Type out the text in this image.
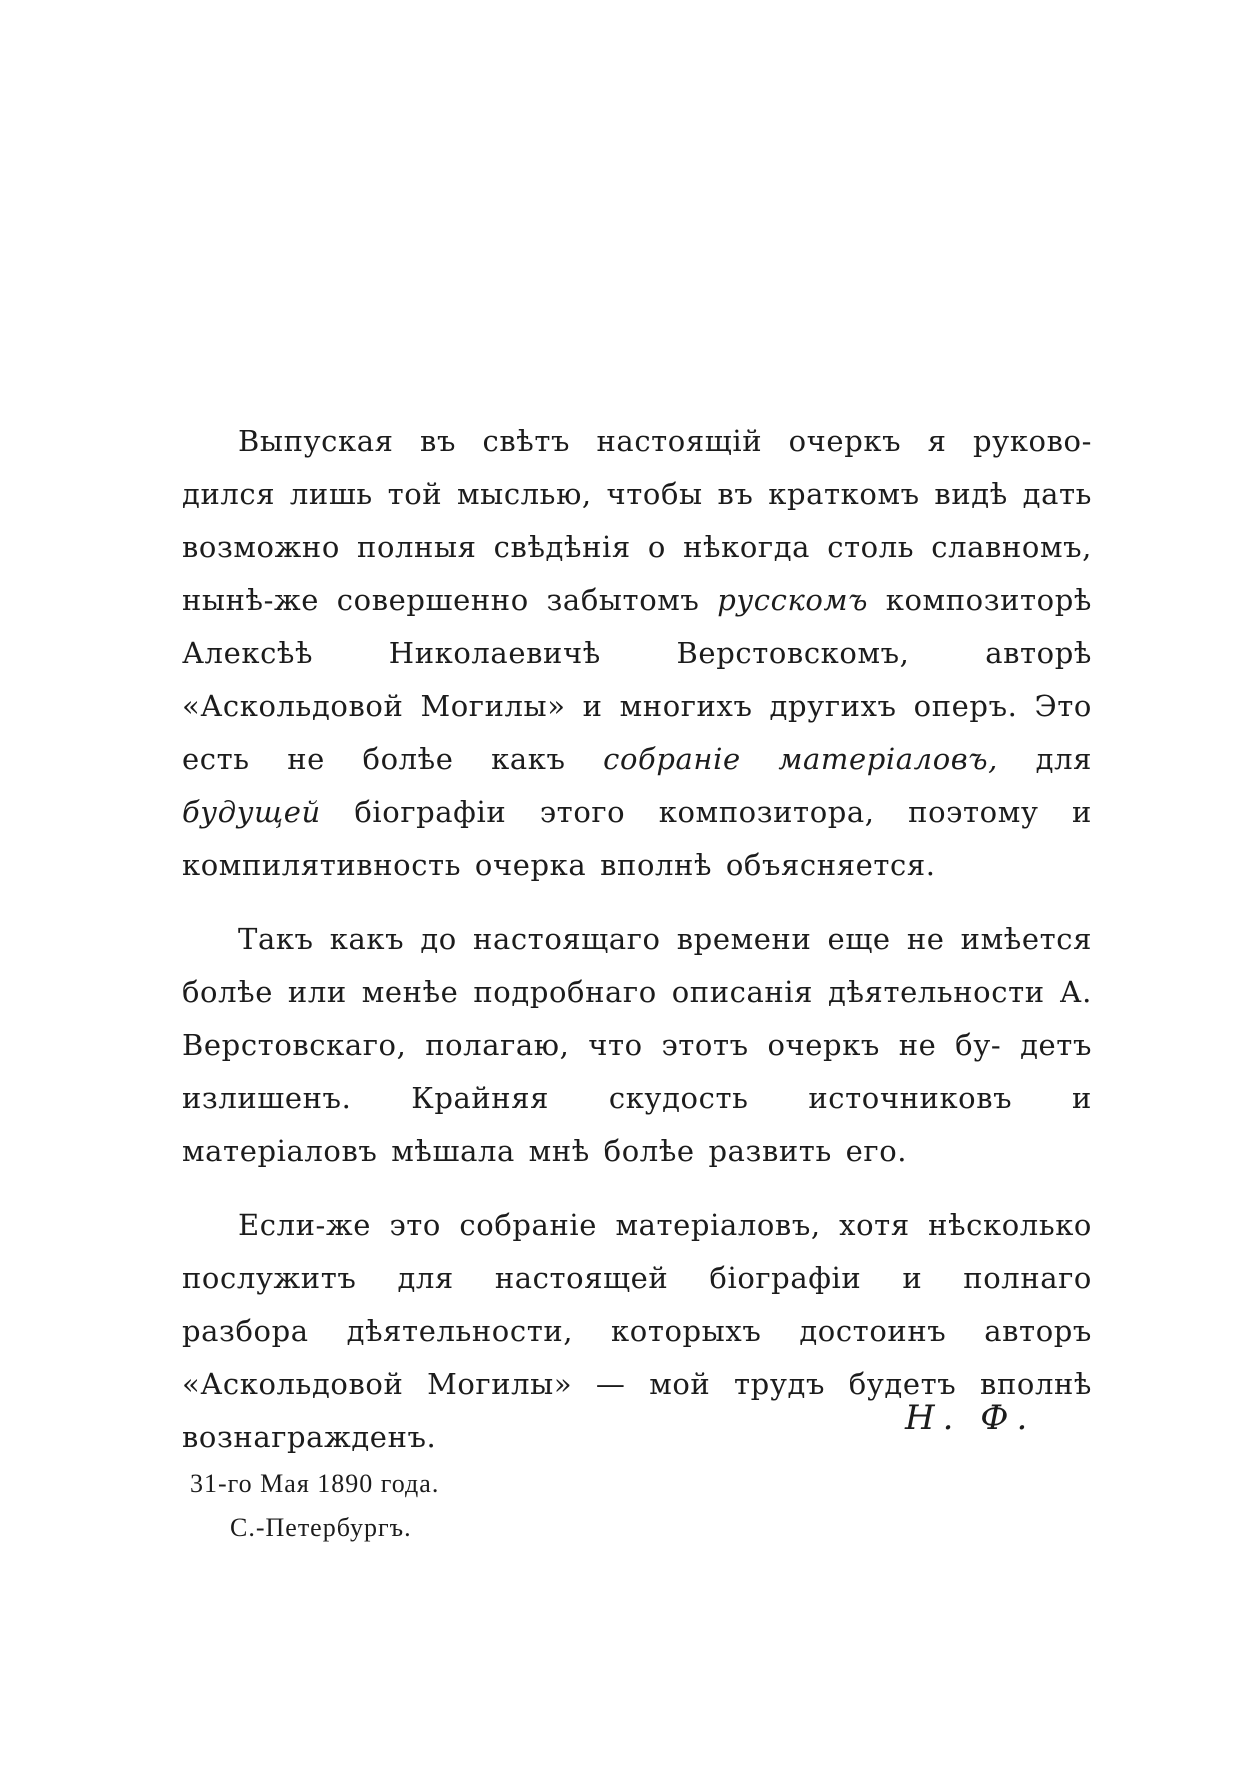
Выпуская въ свѣтъ настоящій очеркъ я руково- дился лишь той мыслью, чтобы въ краткомъ видѣ дать возможно полныя свѣдѣнія о нѣкогда столь славномъ, нынѣ-же совершенно забытомъ русскомъ композиторѣ Алексѣѣ Николаевичѣ Верстовскомъ,	авторѣ «Аскольдовой Могилы» и многихъ другихъ оперъ. Это есть не болѣе какъ собраніе матеріаловъ, для будущей біографіи этого композитора, поэтому и

компилятивность очерка вполнѣ объясняется.

Такъ какъ до настоящаго времени еще не имѣется болѣе или менѣе подробнаго описанія дѣятельности А. Верстовскаго, полагаю, что этотъ очеркъ не бу- детъ излишенъ. Крайняя скудость источниковъ и

матеріаловъ мѣшала мнѣ болѣе развить его.

Если-же это собраніе матеріаловъ, хотя нѣсколько послужитъ для настоящей біографіи и полнаго разбора дѣятельности, которыхъ достоинъ авторъ «Аскольдовой Могилы» — мой трудъ будетъ вполнѣ вознагражденъ.	Н. Ф.
31-го Мая 1890 года.
С.-Петербургъ.
